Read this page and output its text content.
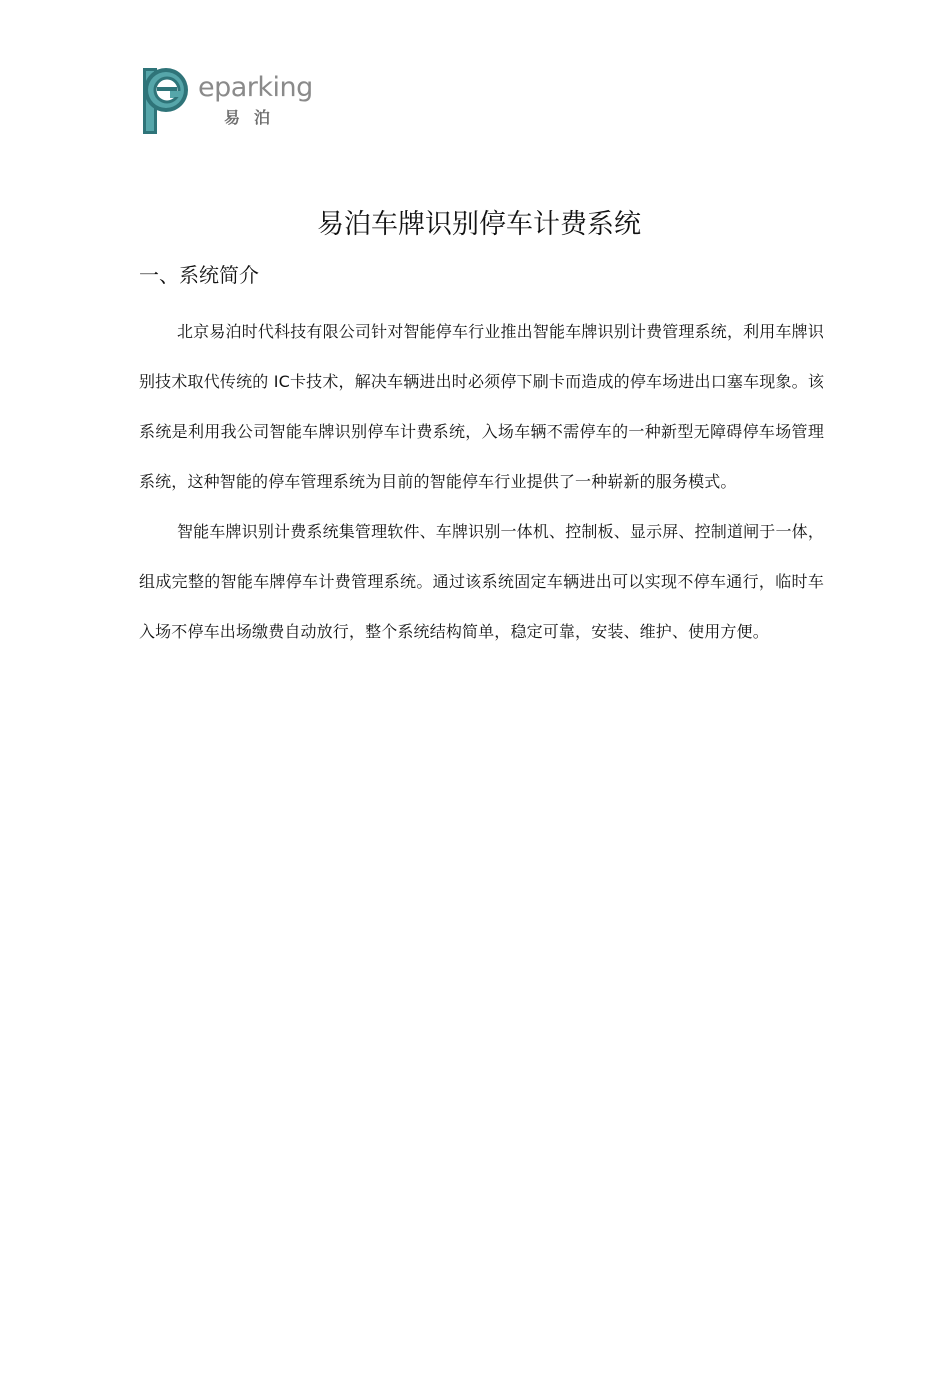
eparking
易泊
易泊车牌识别停车计费系统
一、系统简介

北京易泊时代科技有限公司针对智能停车行业推出智能车牌识别计费管理系统，利用车牌识别技术取代传统的 IC卡技术，解决车辆进出时必须停下刷卡而造成的停车场进出口塞车现象。该系统是利用我公司智能车牌识别停车计费系统，入场车辆不需停车的一种新型无障碍停车场管理系统，这种智能的停车管理系统为目前的智能停车行业提供了一种崭新的服务模式。

智能车牌识别计费系统集管理软件、车牌识别一体机、控制板、显示屏、控制道闸于一体，组成完整的智能车牌停车计费管理系统。通过该系统固定车辆进出可以实现不停车通行，临时车入场不停车出场缴费自动放行，整个系统结构简单，稳定可靠，安装、维护、使用方便。
